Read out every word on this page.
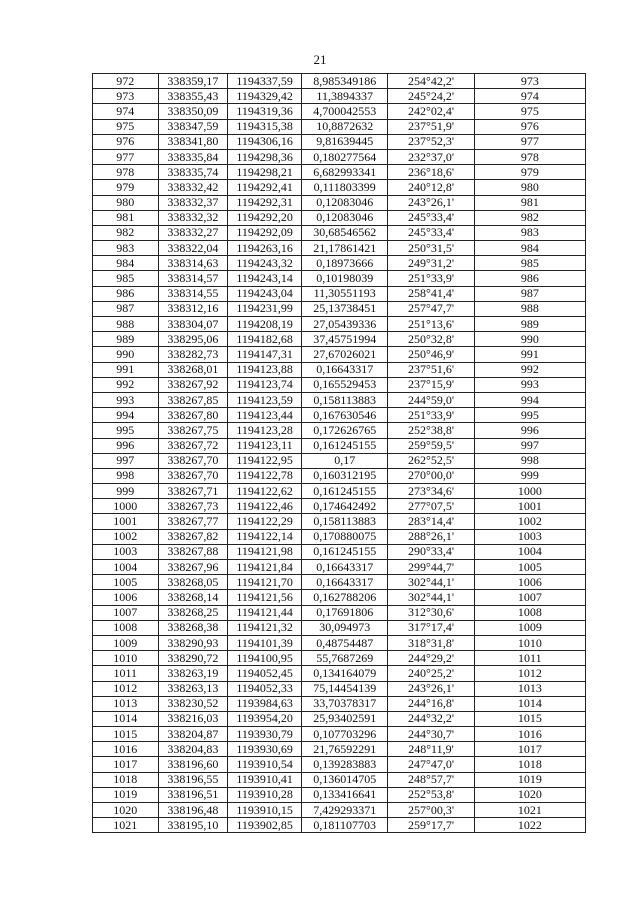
21
972	338359,17	1194337,59	8,985349186	254°42,2'	973
973	338355,43	1194329,42	11,3894337	245°24,2'	974
974	338350,09	1194319,36	4,700042553	242°02,4'	975
975	338347,59	1194315,38	10,8872632	237°51,9'	976
976	338341,80	1194306,16	9,81639445	237°52,3'	977
977	338335,84	1194298,36	0,180277564	232°37,0'	978
978	338335,74	1194298,21	6,682993341	236°18,6'	979
979	338332,42	1194292,41	0,111803399	240°12,8'	980
980	338332,37	1194292,31	0,12083046	243°26,1'	981
981	338332,32	1194292,20	0,12083046	245°33,4'	982
982	338332,27	1194292,09	30,68546562	245°33,4'	983
983	338322,04	1194263,16	21,17861421	250°31,5'	984
984	338314,63	1194243,32	0,18973666	249°31,2'	985
985	338314,57	1194243,14	0,10198039	251°33,9'	986
986	338314,55	1194243,04	11,30551193	258°41,4'	987
987	338312,16	1194231,99	25,13738451	257°47,7'	988
988	338304,07	1194208,19	27,05439336	251°13,6'	989
989	338295,06	1194182,68	37,45751994	250°32,8'	990
990	338282,73	1194147,31	27,67026021	250°46,9'	991
991	338268,01	1194123,88	0,16643317	237°51,6'	992
992	338267,92	1194123,74	0,165529453	237°15,9'	993
993	338267,85	1194123,59	0,158113883	244°59,0'	994
994	338267,80	1194123,44	0,167630546	251°33,9'	995
995	338267,75	1194123,28	0,172626765	252°38,8'	996
996	338267,72	1194123,11	0,161245155	259°59,5'	997
997	338267,70	1194122,95	0,17	262°52,5'	998
998	338267,70	1194122,78	0,160312195	270°00,0'	999
999	338267,71	1194122,62	0,161245155	273°34,6'	1000
1000	338267,73	1194122,46	0,174642492	277°07,5'	1001
1001	338267,77	1194122,29	0,158113883	283°14,4'	1002
1002	338267,82	1194122,14	0,170880075	288°26,1'	1003
1003	338267,88	1194121,98	0,161245155	290°33,4'	1004
1004	338267,96	1194121,84	0,16643317	299°44,7'	1005
1005	338268,05	1194121,70	0,16643317	302°44,1'	1006
1006	338268,14	1194121,56	0,162788206	302°44,1'	1007
1007	338268,25	1194121,44	0,17691806	312°30,6'	1008
1008	338268,38	1194121,32	30,094973	317°17,4'	1009
1009	338290,93	1194101,39	0,48754487	318°31,8'	1010
1010	338290,72	1194100,95	55,7687269	244°29,2'	1011
1011	338263,19	1194052,45	0,134164079	240°25,2'	1012
1012	338263,13	1194052,33	75,14454139	243°26,1'	1013
1013	338230,52	1193984,63	33,70378317	244°16,8'	1014
1014	338216,03	1193954,20	25,93402591	244°32,2'	1015
1015	338204,87	1193930,79	0,107703296	244°30,7'	1016
1016	338204,83	1193930,69	21,76592291	248°11,9'	1017
1017	338196,60	1193910,54	0,139283883	247°47,0'	1018
1018	338196,55	1193910,41	0,136014705	248°57,7'	1019
1019	338196,51	1193910,28	0,133416641	252°53,8'	1020
1020	338196,48	1193910,15	7,429293371	257°00,3'	1021
1021	338195,10	1193902,85	0,181107703	259°17,7'	1022
